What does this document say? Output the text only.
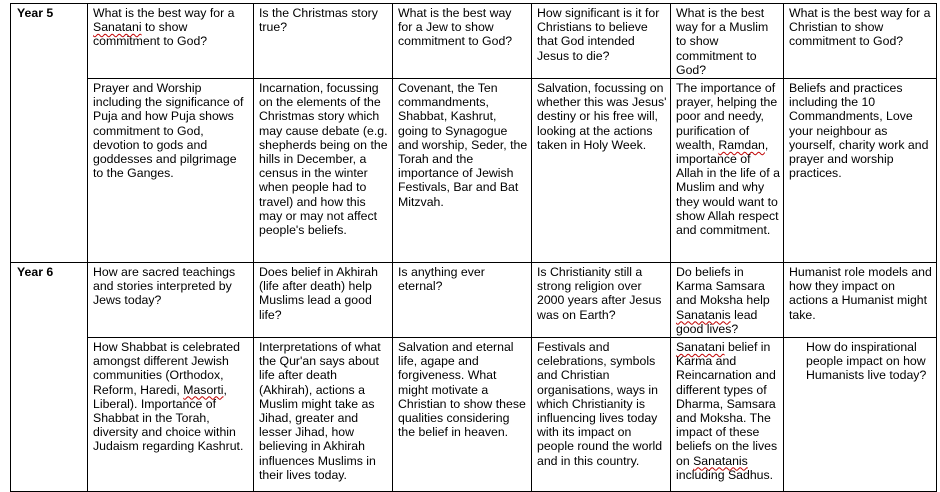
Year 5	What is the best way for a Sanatani to show commitment to God?	Is the Christmas story true?	What is the best way for a Jew to show commitment to God?	How significant is it for Christians to believe that God intended Jesus to die?	What is the best way for a Muslim to show commitment to God?	What is the best way for a Christian to show commitment to God?
	Prayer and Worship including the significance of Puja and how Puja shows commitment to God, devotion to gods and goddesses and pilgrimage to the Ganges.	Incarnation, focussing on the elements of the Christmas story which may cause debate (e.g. shepherds being on the hills in December, a census in the winter when people had to travel) and how this may or may not affect people's beliefs.	Covenant, the Ten commandments, Shabbat, Kashrut, going to Synagogue and worship, Seder, the Torah and the importance of Jewish Festivals, Bar and Bat Mitzvah.	Salvation, focussing on whether this was Jesus' destiny or his free will, looking at the actions taken in Holy Week.	The importance of prayer, helping the poor and needy, purification of wealth, Ramdan, importance of Allah in the life of a Muslim and why they would want to show Allah respect and commitment.	Beliefs and practices including the 10 Commandments, Love your neighbour as yourself, charity work and prayer and worship practices.
Year 6	How are sacred teachings and stories interpreted by Jews today?	Does belief in Akhirah (life after death) help Muslims lead a good life?	Is anything ever eternal?	Is Christianity still a strong religion over 2000 years after Jesus was on Earth?	Do beliefs in Karma Samsara and Moksha help Sanatanis lead good lives?	Humanist role models and how they impact on actions a Humanist might take.
	How Shabbat is celebrated amongst different Jewish communities (Orthodox, Reform, Haredi, Masorti, Liberal). Importance of Shabbat in the Torah, diversity and choice within Judaism regarding Kashrut.	Interpretations of what the Qur'an says about life after death (Akhirah), actions a Muslim might take as Jihad, greater and lesser Jihad, how believing in Akhirah influences Muslims in their lives today.	Salvation and eternal life, agape and forgiveness. What might motivate a Christian to show these qualities considering the belief in heaven.	Festivals and celebrations, symbols and Christian organisations, ways in which Christianity is influencing lives today with its impact on people round the world and in this country.	Sanatani belief in Karma and Reincarnation and different types of Dharma, Samsara and Moksha. The impact of these beliefs on the lives on Sanatanis including Sadhus.	How do inspirational people impact on how Humanists live today?
